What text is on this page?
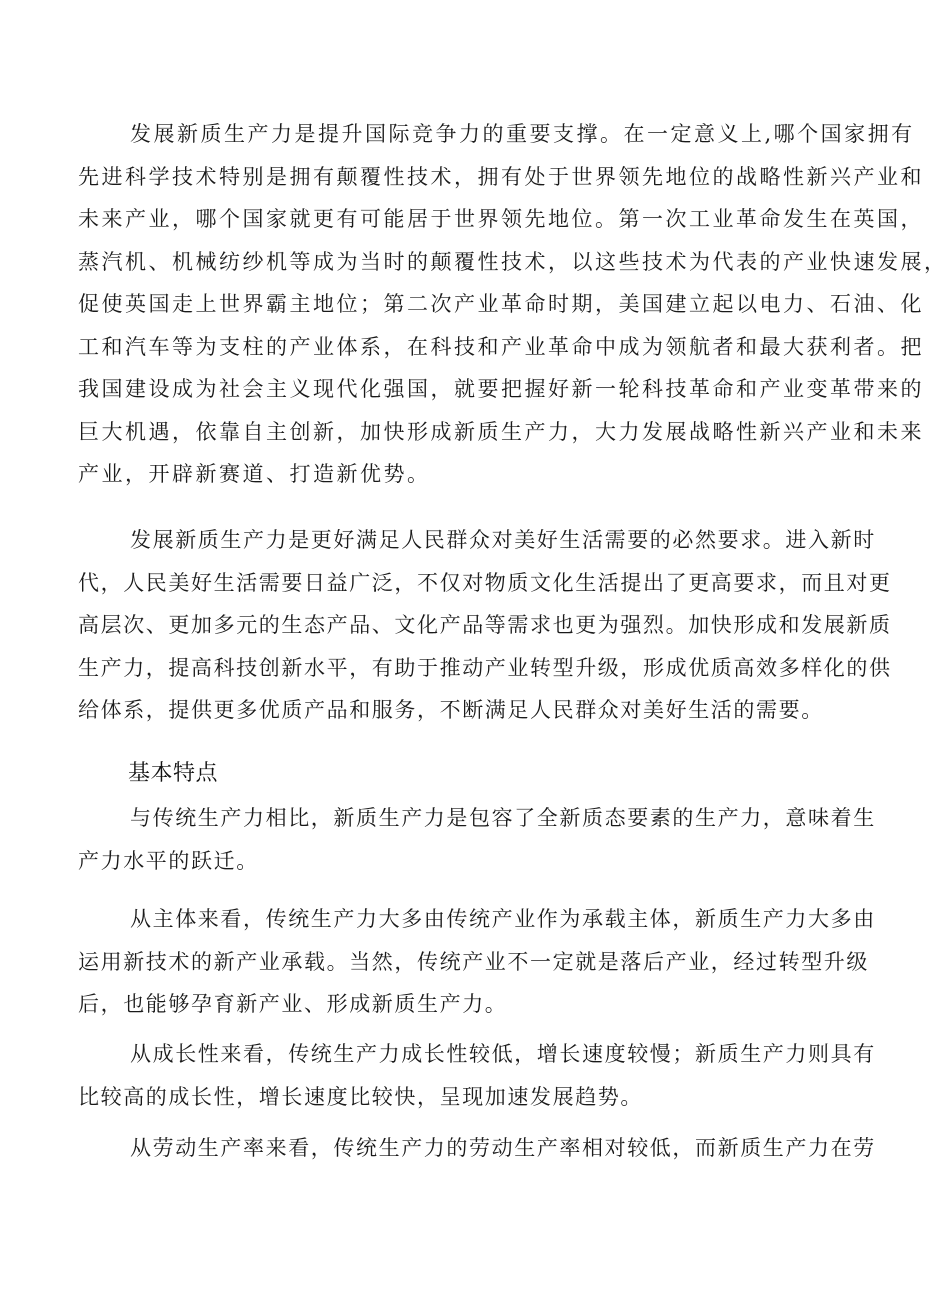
发展新质生产力是提升国际竞争力的重要支撑。在一定意义上,哪个国家拥有
先进科学技术特别是拥有颠覆性技术，拥有处于世界领先地位的战略性新兴产业和
未来产业，哪个国家就更有可能居于世界领先地位。第一次工业革命发生在英国，
蒸汽机、机械纺纱机等成为当时的颠覆性技术，以这些技术为代表的产业快速发展，
促使英国走上世界霸主地位；第二次产业革命时期，美国建立起以电力、石油、化
工和汽车等为支柱的产业体系，在科技和产业革命中成为领航者和最大获利者。把
我国建设成为社会主义现代化强国，就要把握好新一轮科技革命和产业变革带来的
巨大机遇，依靠自主创新，加快形成新质生产力，大力发展战略性新兴产业和未来
产业，开辟新赛道、打造新优势。
发展新质生产力是更好满足人民群众对美好生活需要的必然要求。进入新时
代，人民美好生活需要日益广泛，不仅对物质文化生活提出了更高要求，而且对更
高层次、更加多元的生态产品、文化产品等需求也更为强烈。加快形成和发展新质
生产力，提高科技创新水平，有助于推动产业转型升级，形成优质高效多样化的供
给体系，提供更多优质产品和服务，不断满足人民群众对美好生活的需要。
基本特点
与传统生产力相比，新质生产力是包容了全新质态要素的生产力，意味着生
产力水平的跃迁。
从主体来看，传统生产力大多由传统产业作为承载主体，新质生产力大多由
运用新技术的新产业承载。当然，传统产业不一定就是落后产业，经过转型升级
后，也能够孕育新产业、形成新质生产力。
从成长性来看，传统生产力成长性较低，增长速度较慢；新质生产力则具有
比较高的成长性，增长速度比较快，呈现加速发展趋势。
从劳动生产率来看，传统生产力的劳动生产率相对较低，而新质生产力在劳
